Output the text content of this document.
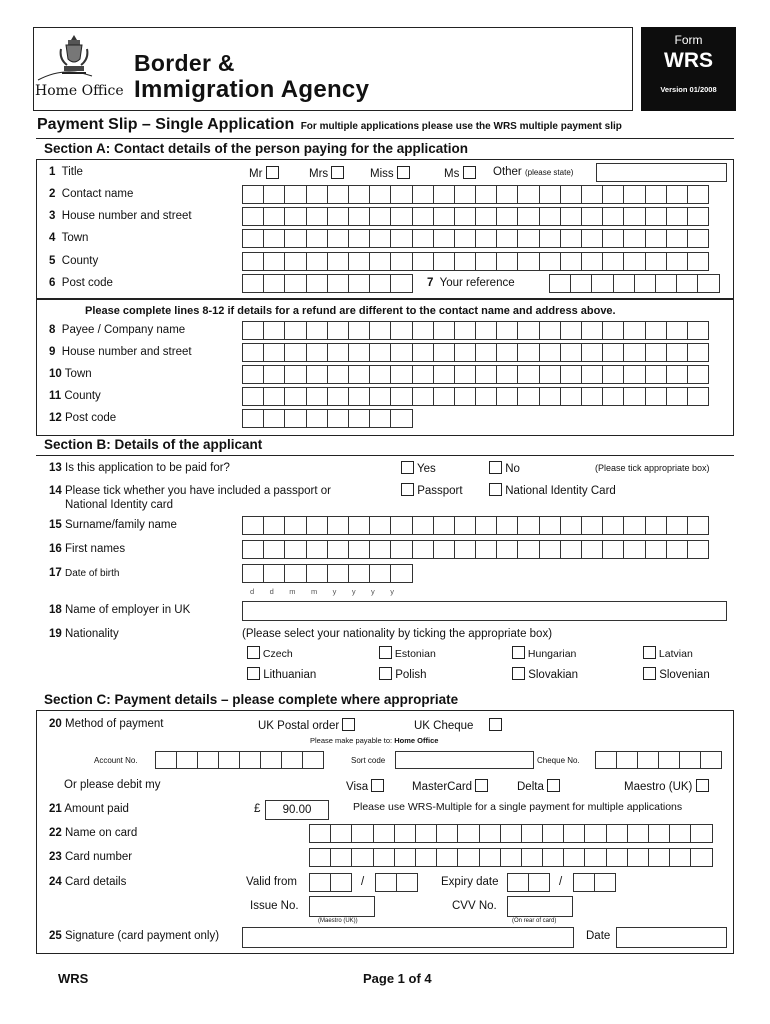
Home Office
Border &
Immigration Agency
Form
WRS
Version 01/2008
Payment Slip – Single Application For multiple applications please use the WRS multiple payment slip
Section A: Contact details of the person paying for the application
1 Title	Mr	Mrs	Miss	Ms	Other (please state)
2 Contact name
3 House number and street
4 Town
5 County
6 Post code	7 Your reference
Please complete lines 8-12 if details for a refund are different to the contact name and address above.
8 Payee / Company name
9 House number and street
10 Town
11 County
12 Post code
Section B: Details of the applicant
13 Is this application to be paid for?	Yes	No	(Please tick appropriate box)
14 Please tick whether you have included a passport or
National Identity card
Passport	National Identity Card
15 Surname/family name
16 First names
17 Date of birth
d   d   m   m   y   y   y   y
18 Name of employer in UK
19 Nationality	(Please select your nationality by ticking the appropriate box)
Czech	Estonian	Hungarian	Latvian
Lithuanian	Polish	Slovakian	Slovenian
Section C: Payment details – please complete where appropriate
20 Method of payment	UK Postal order	UK Cheque
Please make payable to: Home Office
Account No.	Sort code	Cheque No.
Or please debit my	Visa	MasterCard	Delta	Maestro (UK)
21 Amount paid	£	90.00	Please use WRS-Multiple for a single payment for multiple applications
22 Name on card
23 Card number
24 Card details	Valid from	/	Expiry date	/
Issue No.
(Maestro (UK))
CVV No.
(On rear of card)
25 Signature (card payment only)	Date
WRS	Page 1 of 4
